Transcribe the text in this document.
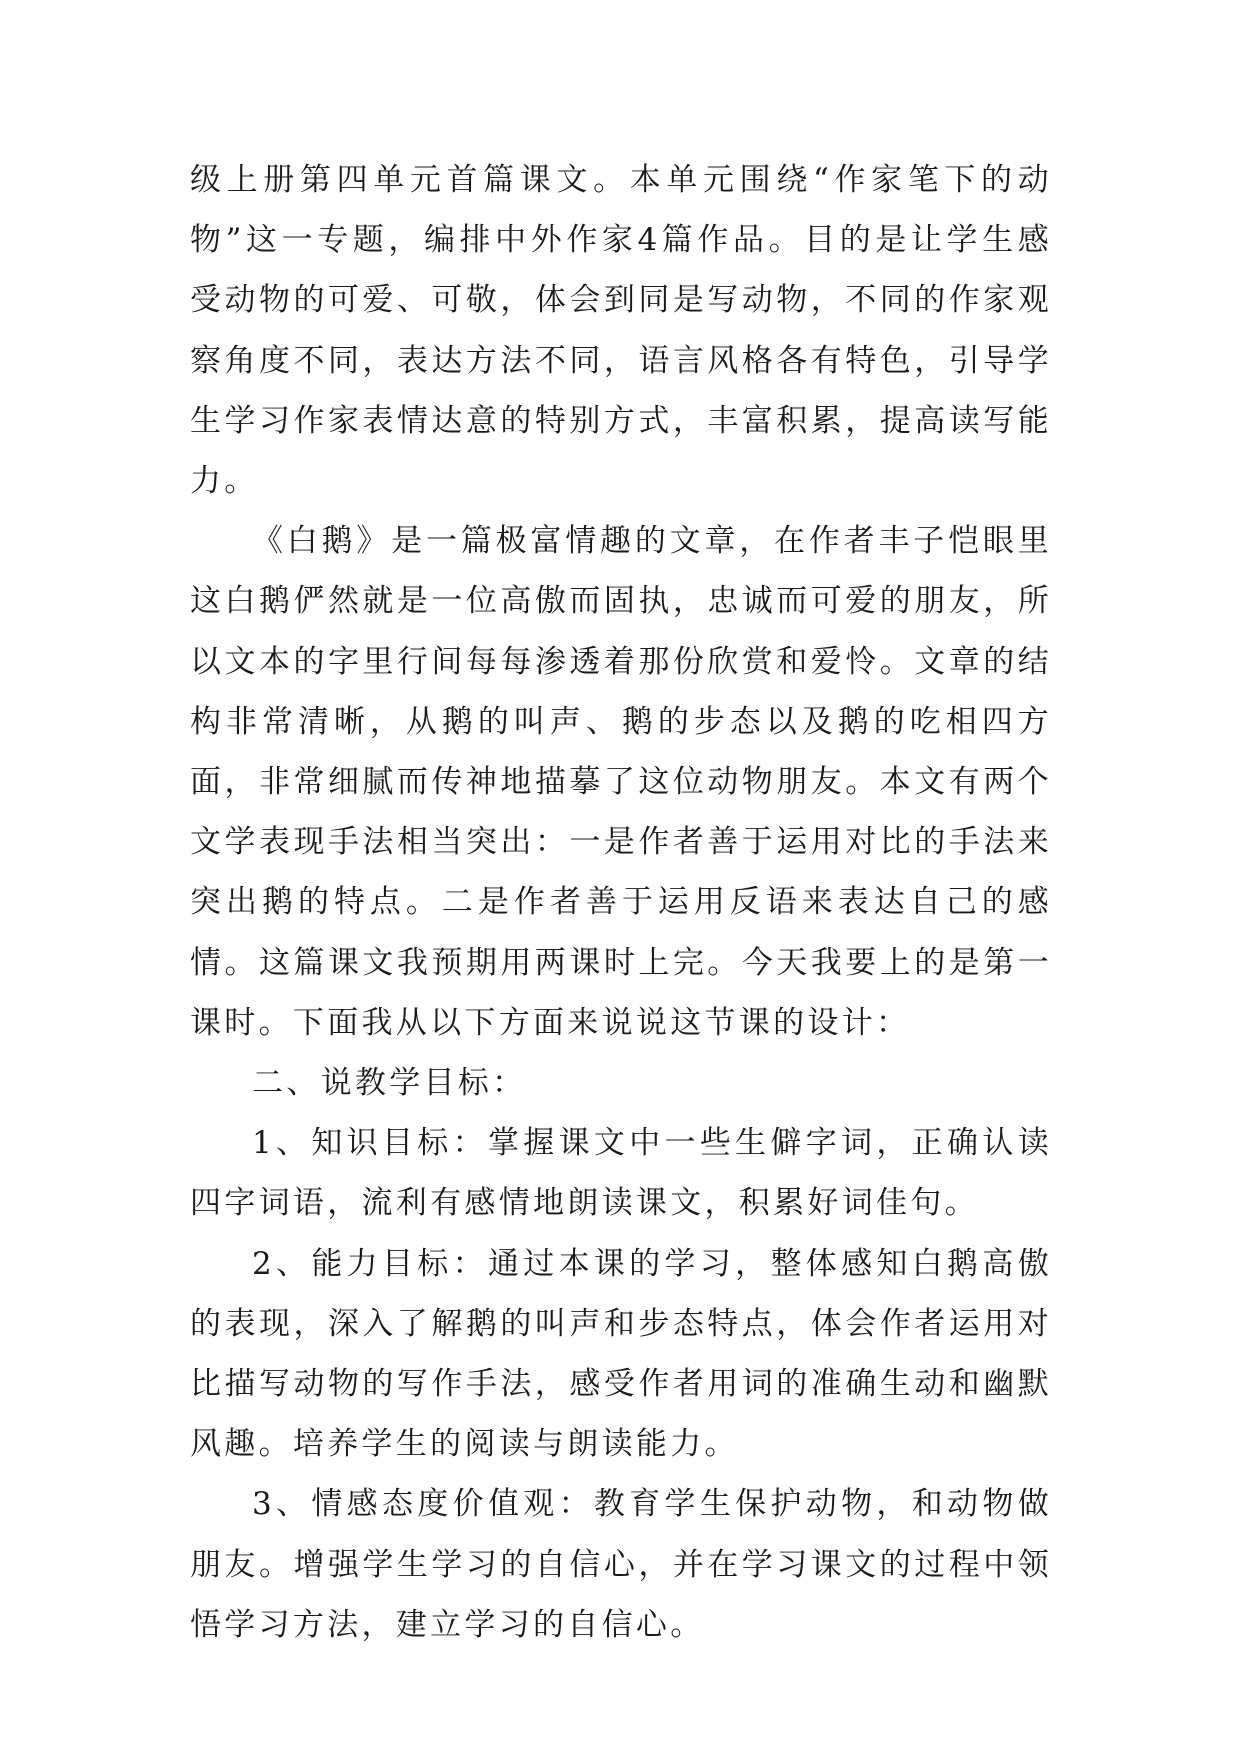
级上册第四单元首篇课文。本单元围绕“作家笔下的动物”这一专题，编排中外作家4篇作品。目的是让学生感受动物的可爱、可敬，体会到同是写动物，不同的作家观察角度不同，表达方法不同，语言风格各有特色，引导学生学习作家表情达意的特别方式，丰富积累，提高读写能力。

《白鹅》是一篇极富情趣的文章，在作者丰子恺眼里这白鹅俨然就是一位高傲而固执，忠诚而可爱的朋友，所以文本的字里行间每每渗透着那份欣赏和爱怜。文章的结构非常清晰，从鹅的叫声、鹅的步态以及鹅的吃相四方面，非常细腻而传神地描摹了这位动物朋友。本文有两个文学表现手法相当突出：一是作者善于运用对比的手法来突出鹅的特点。二是作者善于运用反语来表达自己的感情。这篇课文我预期用两课时上完。今天我要上的是第一课时。下面我从以下方面来说说这节课的设计：

二、说教学目标：

1、知识目标：掌握课文中一些生僻字词，正确认读四字词语，流利有感情地朗读课文，积累好词佳句。

2、能力目标：通过本课的学习，整体感知白鹅高傲的表现，深入了解鹅的叫声和步态特点，体会作者运用对比描写动物的写作手法，感受作者用词的准确生动和幽默风趣。培养学生的阅读与朗读能力。

3、情感态度价值观：教育学生保护动物，和动物做朋友。增强学生学习的自信心，并在学习课文的过程中领悟学习方法，建立学习的自信心。
